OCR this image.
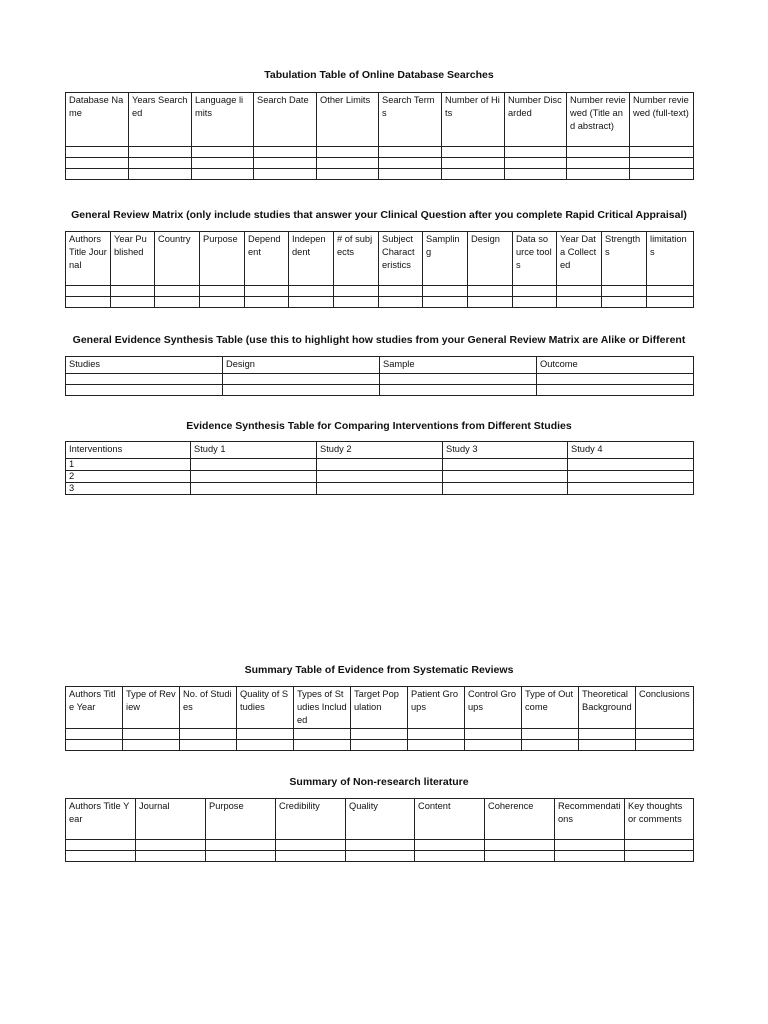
Tabulation Table of Online Database Searches
Database Name	Years Searched	Language limits	Search Date	Other Limits	Search Terms	Number of Hits	Number Discarded	Number reviewed (Title and abstract)	Number reviewed (full-text)

General Review Matrix (only include studies that answer your Clinical Question after you complete Rapid Critical Appraisal)
Authors Title Journal	Year Published	Country	Purpose	Dependent	Independent	# of subjects	Subject Characteristics	Sampling	Design	Data source tools	Year Data Collected	Strengths	limitations

General Evidence Synthesis Table (use this to highlight how studies from your General Review Matrix are Alike or Different
Studies	Design	Sample	Outcome

Evidence Synthesis Table for Comparing Interventions from Different Studies
Interventions	Study 1	Study 2	Study 3	Study 4
1				
2				
3				
Summary Table of Evidence from Systematic Reviews
Authors Title Year	Type of Review	No. of Studies	Quality of Studies	Types of Studies Included	Target Population	Patient Groups	Control Groups	Type of Outcome	Theoretical Background	Conclusions

Summary of Non-research literature
Authors Title Year	Journal	Purpose	Credibility	Quality	Content	Coherence	Recommendations	Key thoughts or comments
